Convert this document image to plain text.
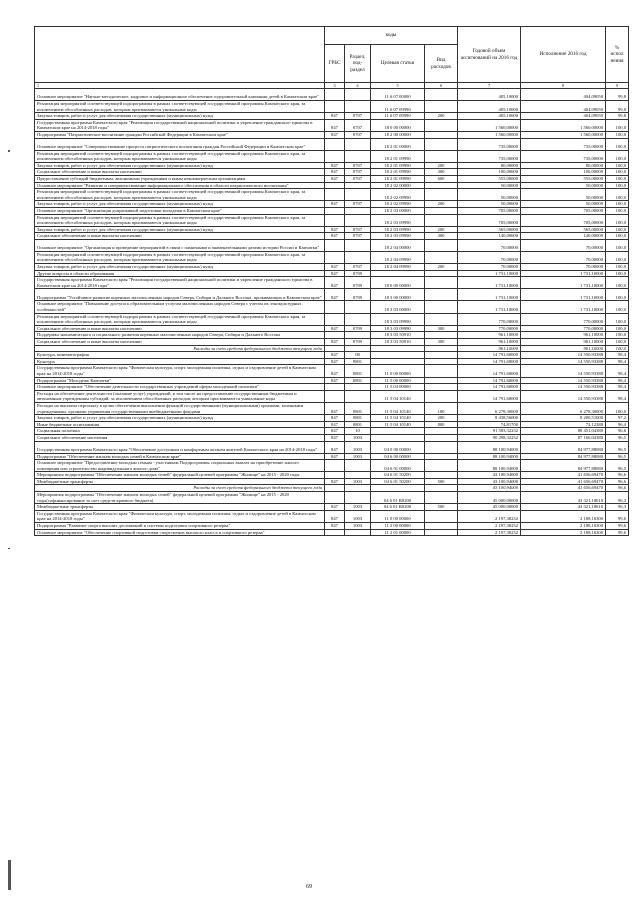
	коды				Годовой объем ассигнований на 2016 год	Исполнение 2016 год	% испол нения
	ГРБС	Раздел, под-раздел	Целевая статья	Вид расходов			
1	3	4	5	6	7	8	9
Основное мероприятие "Научно-методическое, кадровое и информационное обеспечение оздоровительной кампании детей в Камчатском крае"			11 6 07 00000		405,10000	404,09050	99,8
Реализация мероприятий соответствующей подпрограммы в рамках соответствующей государственной программы Камчатского края, за исключением обособленных расходов, которым присваиваются уникальные коды			11 6 07 09990		405,10000	404,09050	99,8
Закупка товаров, работ и услуг для обеспечения государственных (муниципальных) нужд	847	0707	11 6 07 09990	200	405,10000	404,09050	99,8
Государственная программа Камчатского края "Реализация государственной национальной политики и укрепление гражданского единства в Камчатском крае на 2014-2018 годы"	847	0707	18 0 00 00000		1 560,00000	1 560,00000	100,0
Подпрограмма "Патриотическое воспитание граждан Российской Федерации в Камчатском крае"	847	0707	18 2 00 00000		1 560,00000	1 560,00000	100,0
Основное мероприятие "Совершенствование процесса патриотического воспитания граждан Российской Федерации в Камчатском крае"			18 2 01 00000		735,00000	735,00000	100,0
Реализация мероприятий соответствующей подпрограммы в рамках соответствующей государственной программы Камчатского края, за исключением обособленных расходов, которым присваиваются уникальные коды			18 2 01 09990		735,00000	735,00000	100,0
Закупка товаров, работ и услуг для обеспечения государственных (муниципальных) нужд	847	0707	18 2 01 09990	200	80,00000	80,00000	100,0
Социальное обеспечение и иные выплаты населению	847	0707	18 2 01 09990	300	100,00000	100,00000	100,0
Предоставление субсидий бюджетным, автономным учреждениям и иным некоммерческим организациям	847	0707	18 2 01 09990	600	555,00000	555,00000	100,0
Основное мероприятие "Развитие и совершенствование информационного обеспечения в области патриотического воспитания"			18 2 02 00000		50,00000	50,00000	100,0
Реализация мероприятий соответствующей подпрограммы в рамках соответствующей государственной программы Камчатского края, за исключением обособленных расходов, которым присваиваются уникальные коды			18 2 02 09990		50,00000	50,00000	100,0
Закупка товаров, работ и услуг для обеспечения государственных (муниципальных) нужд	847	0707	18 2 02 09990	200	50,00000	50,00000	100,0
Основное мероприятие "Организация допризывной подготовки молодежи в Камчатском крае"			18 2 03 00000		705,00000	705,00000	100,0
Реализация мероприятий соответствующей подпрограммы в рамках соответствующей государственной программы Камчатского края, за исключением обособленных расходов, которым присваиваются уникальные коды			18 2 03 09990		705,00000	705,00000	100,0
Закупка товаров, работ и услуг для обеспечения государственных (муниципальных) нужд	847	0707	18 2 03 09990	200	565,00000	565,00000	100,0
Социальное обеспечение и иные выплаты населению	847	0707	18 2 03 09990	300	140,00000	140,00000	100,0
Основное мероприятие "Организация и проведение мероприятий в связи с памятными и знаменательными датами истории России и Камчатки"			18 2 04 00000		70,00000	70,00000	100,0
Реализация мероприятий соответствующей подпрограммы в рамках соответствующей государственной программы Камчатского края, за исключением обособленных расходов, которым присваиваются уникальные коды			18 2 04 09990		70,00000	70,00000	100,0
Закупка товаров, работ и услуг для обеспечения государственных (муниципальных) нужд	847	0707	18 2 04 09990	200	70,00000	70,00000	100,0
Другие вопросы в области образования	847	0709			1 731,10000	1 731,10000	100,0
Государственная программа Камчатского края "Реализация государственной национальной политики и укрепление гражданского единства в Камчатском крае на 2014-2018 годы"	847	0709	18 0 00 00000		1 731,10000	1 731,10000	100,0
Подпрограмма "Устойчивое развитие коренных малочисленных народов Севера, Сибири и Дальнего Востока, проживающих в Камчатском крае"	847	0709	18 3 00 00000		1 731,10000	1 731,10000	100,0
Основное мероприятие "Повышение доступа к образовательным услугам малочисленных народов Севера с учетом их этнокультурных особенностей"			18 3 03 00000		1 731,10000	1 731,10000	100,0
Реализация мероприятий соответствующей подпрограммы в рамках соответствующей государственной программы Камчатского края, за исключением обособленных расходов, которым присваиваются уникальные коды			18 3 03 09990		770,00000	770,00000	100,0
Социальное обеспечение и иные выплаты населению	847	0709	18 3 03 09990	300	770,00000	770,00000	100,0
Поддержка экономического и социального развития коренных малочисленных народов Севера, Сибири и Дальнего Востока			18 3 03 50910		961,10000	961,10000	100,0
Социальное обеспечение и иные выплаты населению	847	0709	18 3 03 50910	300	961,10000	961,10000	100,0
Расходы за счет средств федерального бюджета текущего года					961,10000	961,10000	100,0
Культура, кинематография	847	08			14 791,68000	14 550,93388	98,4
Культура	847	0801			14 791,68000	14 550,93388	98,4
Государственная программа Камчатского края "Физическая культура, спорт, молодежная политика, отдых и оздоровление детей в Камчатском крае на 2014-2018 годы"	847	0801	11 0 00 00000		14 791,68000	14 550,93388	98,4
Подпрограмма "Молодежь Камчатки"	847	0801	11 5 00 00000		14 791,68000	14 550,93388	98,4
Основное мероприятие "Обеспечение деятельности государственных учреждений сферы молодежной политики"			11 5 04 00000		14 791,68000	14 550,93388	98,4
Расходы на обеспечение деятельности (оказание услуг) учреждений, в том числе на предоставление государственным бюджетным и автономным учреждениям субсидий, за исключением обособленных расходов, которым присваиваются уникальные коды			11 5 04 10140		14 791,68000	14 550,93388	98,4
Расходы на выплаты персоналу в целях обеспечения выполнения функций государственными (муниципальными) органами, казенными учреждениями, органами управления государственными внебюджетными фондами	847	0801	11 5 04 10140	100	6 278,30000	6 278,30000	100,0
Закупка товаров, работ и услуг для обеспечения государственных (муниципальных) нужд	847	0801	11 5 04 10140	200	8 438,56000	8 200,51000	97,2
Иные бюджетные ассигнования	847	0801	11 5 04 10140	800	74,81700	72,12388	96,4
Социальная политика	847	10			91 583,32232	88 451,04380	96,6
Социальное обеспечение населения	847	1003			90 298,32232	87 166,04380	96,5
Государственная программа Камчатского края "Обеспечение доступным и комфортным жильем жителей Камчатского края на 2014-2018 годы"	847	1003	04 0 00 00000		88 100,94000	84 977,88080	96,5
Подпрограмма "Обеспечение жильем молодых семей в Камчатском крае"	847	1003	04 6 00 00000		88 100,94000	84 977,88080	96,5
Основное мероприятие "Предоставление молодым семьям - участникам Подпрограммы социальных выплат на приобретение жилого помещения или строительство индивидуального жилого дома"			04 6 01 00000		88 100,94000	84 977,88080	96,5
Мероприятия подпрограммы "Обеспечение жильем молодых семей" федеральной целевой программы "Жилище" на 2015 - 2020 годы			04 6 01 50200		43 100,94000	41 656,69470	96,6
Межбюджетные трансферты	847	1003	04 6 01 50200	500	43 100,94000	41 656,69470	96,6
Расходы за счет средств федерального бюджета текущего года					43 100,94000	41 656,69470	96,6
Мероприятия подпрограммы "Обеспечение жильем молодых семей" федеральной целевой программы "Жилище" на 2015 - 2020 годы(софинансирование за счет средств краевого бюджета)			04 6 01 R0200		45 000,00000	43 321,18610	96,3
Межбюджетные трансферты	847	1003	04 6 01 R0200	500	45 000,00000	43 321,18610	96,3
Государственная программа Камчатского края "Физическая культура, спорт, молодежная политика, отдых и оздоровление детей в Камчатском крае на 2014-2018 годы"	847	1003	11 0 00 00000		2 197,38232	2 188,16300	99,6
Подпрограмма "Развитие спорта высших достижений и системы подготовки спортивного резерва"	847	1003	11 2 00 00000		2 197,38232	2 188,16300	99,6
Основное мероприятие "Обеспечение спортивной подготовки спортсменов высокого класса и спортивного резерва"			11 2 01 00000		2 197,38232	2 188,16300	99,6
69
